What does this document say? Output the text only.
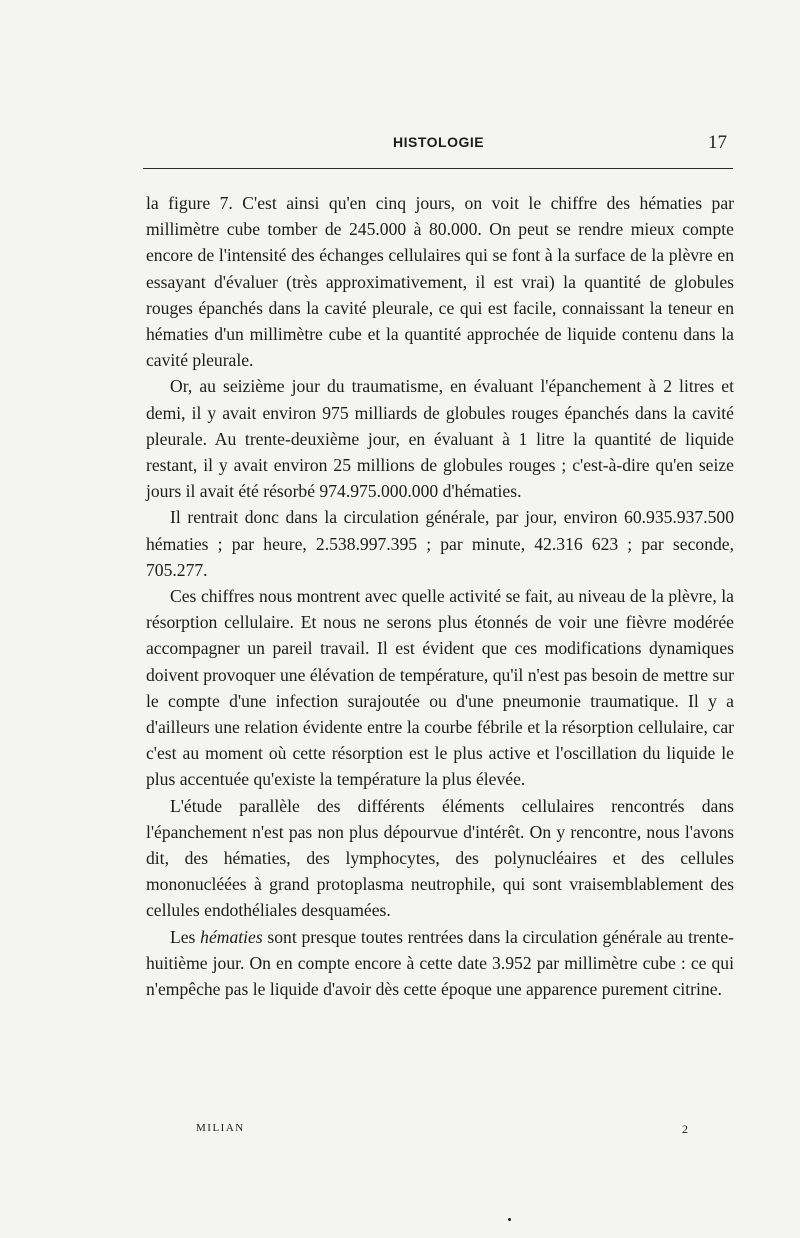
HISTOLOGIE	17

la figure 7. C'est ainsi qu'en cinq jours, on voit le chiffre des hématies par millimètre cube tomber de 245.000 à 80.000. On peut se rendre mieux compte encore de l'intensité des échanges cellulaires qui se font à la surface de la plèvre en essayant d'évaluer (très approximativement, il est vrai) la quantité de globules rouges épanchés dans la cavité pleurale, ce qui est facile, connaissant la teneur en hématies d'un millimètre cube et la quantité approchée de liquide contenu dans la cavité pleurale.

Or, au seizième jour du traumatisme, en évaluant l'épanchement à 2 litres et demi, il y avait environ 975 milliards de globules rouges épanchés dans la cavité pleurale. Au trente-deuxième jour, en évaluant à 1 litre la quantité de liquide restant, il y avait environ 25 millions de globules rouges ; c'est-à-dire qu'en seize jours il avait été résorbé 974.975.000.000 d'hématies.

Il rentrait donc dans la circulation générale, par jour, environ 60.935.937.500 hématies ; par heure, 2.538.997.395 ; par minute, 42.316 623 ; par seconde, 705.277.

Ces chiffres nous montrent avec quelle activité se fait, au niveau de la plèvre, la résorption cellulaire. Et nous ne serons plus étonnés de voir une fièvre modérée accompagner un pareil travail. Il est évident que ces modifications dynamiques doivent provoquer une élévation de température, qu'il n'est pas besoin de mettre sur le compte d'une infection surajoutée ou d'une pneumonie traumatique. Il y a d'ailleurs une relation évidente entre la courbe fébrile et la résorption cellulaire, car c'est au moment où cette résorption est le plus active et l'oscillation du liquide le plus accentuée qu'existe la température la plus élevée.

L'étude parallèle des différents éléments cellulaires rencontrés dans l'épanchement n'est pas non plus dépourvue d'intérêt. On y rencontre, nous l'avons dit, des hématies, des lymphocytes, des polynucléaires et des cellules mononucléées à grand protoplasma neutrophile, qui sont vraisemblablement des cellules endothéliales desquamées.

Les hématies sont presque toutes rentrées dans la circulation générale au trente-huitième jour. On en compte encore à cette date 3.952 par millimètre cube : ce qui n'empêche pas le liquide d'avoir dès cette époque une apparence purement citrine.

MILIAN	2
